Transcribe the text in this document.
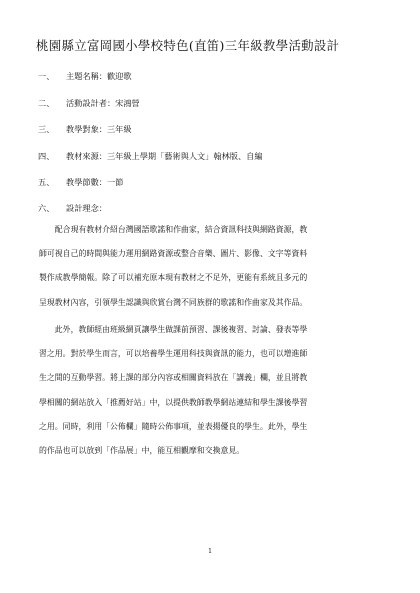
桃園縣立富岡國小學校特色(直笛)三年級教學活動設計
一、 主題名稱：歡迎歌
二、 活動設計者：宋鴻營
三、 教學對象：三年級
四、 教材來源：三年級上學期「藝術與人文」翰林版、自編
五、 教學節數：一節
六、 設計理念：
　　配合現有教材介紹台灣國語歌謠和作曲家，結合資訊科技與網路資源，教
師可視自己的時間與能力運用網路資源或整合音樂、圖片、影像、文字等資料
製作成教學簡報。除了可以補充原本現有教材之不足外，更能有系統且多元的
呈現教材內容，引領學生認識與欣賞台灣不同族群的歌謠和作曲家及其作品。
　　此外，教師經由班級網頁讓學生做課前預習、課後複習、討論、發表等學
習之用。對於學生而言，可以培養學生運用科技與資訊的能力，也可以增進師
生之間的互動學習。將上課的部分內容或相關資料放在「講義」欄，並且將教
學相關的網站放入「推薦好站」中，以提供教師教學網站連結和學生課後學習
之用。同時，利用「公佈欄」隨時公佈事項，並表揚優良的學生。此外，學生
的作品也可以放到「作品展」中，能互相觀摩和交換意見。
1
